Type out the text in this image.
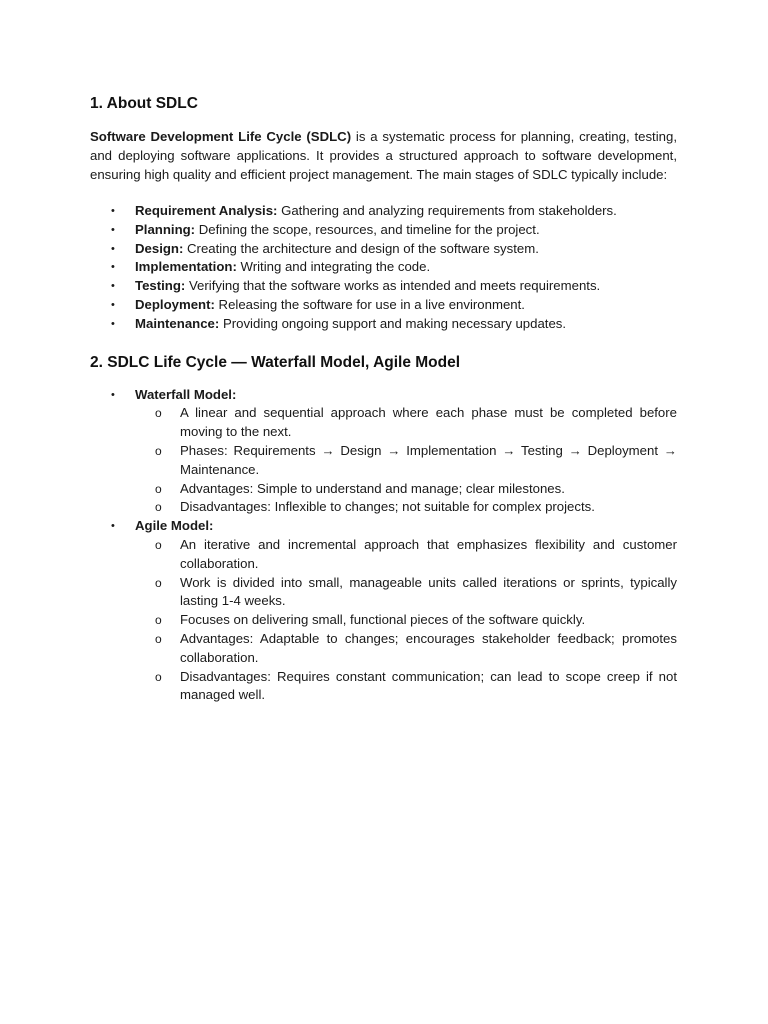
1. About SDLC

Software Development Life Cycle (SDLC) is a systematic process for planning, creating, testing, and deploying software applications. It provides a structured approach to software development, ensuring high quality and efficient project management. The main stages of SDLC typically include:

• Requirement Analysis: Gathering and analyzing requirements from stakeholders.
• Planning: Defining the scope, resources, and timeline for the project.
• Design: Creating the architecture and design of the software system.
• Implementation: Writing and integrating the code.
• Testing: Verifying that the software works as intended and meets requirements.
• Deployment: Releasing the software for use in a live environment.
• Maintenance: Providing ongoing support and making necessary updates.
2. SDLC Life Cycle — Waterfall Model, Agile Model
• Waterfall Model:
o A linear and sequential approach where each phase must be completed before moving to the next.
o Phases: Requirements → Design → Implementation → Testing → Deployment → Maintenance.
o Advantages: Simple to understand and manage; clear milestones.
o Disadvantages: Inflexible to changes; not suitable for complex projects.
• Agile Model:
o An iterative and incremental approach that emphasizes flexibility and customer collaboration.
o Work is divided into small, manageable units called iterations or sprints, typically lasting 1-4 weeks.
o Focuses on delivering small, functional pieces of the software quickly.
o Advantages: Adaptable to changes; encourages stakeholder feedback; promotes collaboration.
o Disadvantages: Requires constant communication; can lead to scope creep if not managed well.
